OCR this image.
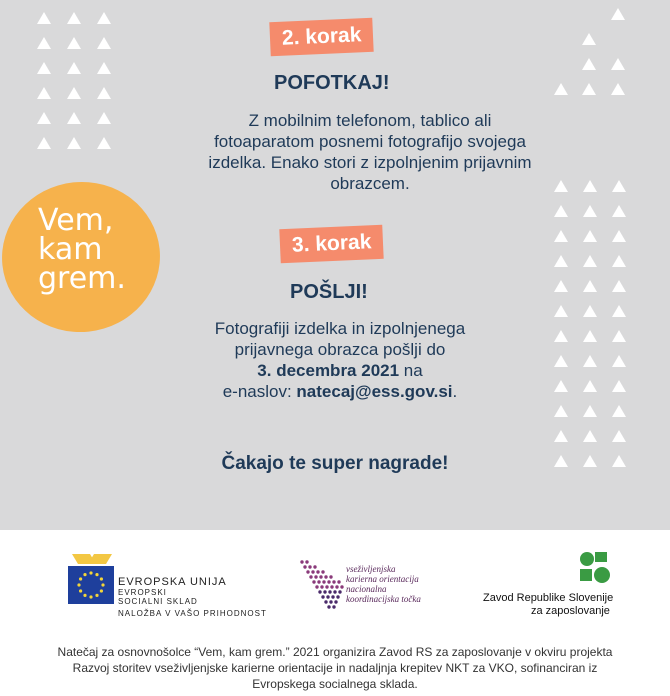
Vem,
kam
grem.
2. korak
POFOTKAJ!
Z mobilnim telefonom, tablico ali
fotoaparatom posnemi fotografijo svojega
izdelka. Enako stori z izpolnjenim prijavnim
obrazcem.
3. korak
POŠLJI!
Fotografiji izdelka in izpolnjenega
prijavnega obrazca pošlji do
3. decembra 2021 na
e-naslov: natecaj@ess.gov.si.
Čakajo te super nagrade!
EVROPSKA UNIJA
EVROPSKI
SOCIALNI SKLAD
NALOŽBA V VAŠO PRIHODNOST
vseživljenjska
karierna orientacija
nacionalna
koordinacijska točka	Zavod Republike Slovenije
za zaposlovanje
Natečaj za osnovnošolce “Vem, kam grem.” 2021 organizira Zavod RS za zaposlovanje v okviru projekta
Razvoj storitev vseživljenjske karierne orientacije in nadaljnja krepitev NKT za VKO, sofinanciran iz
Evropskega socialnega sklada.
